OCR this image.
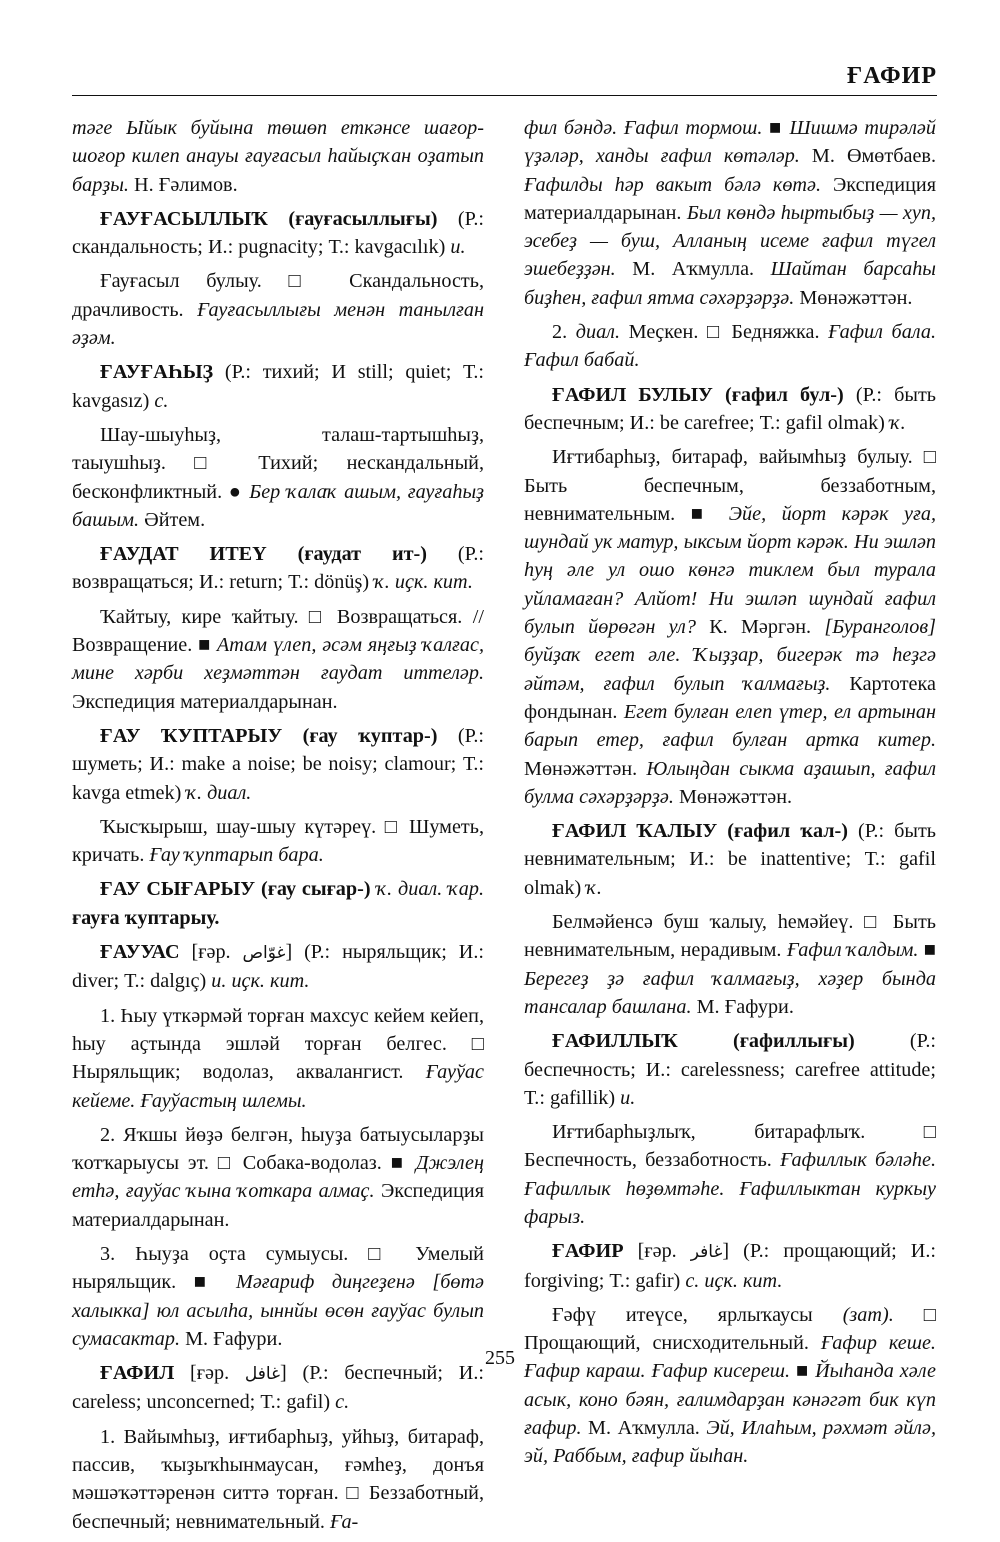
ҒАФИР

тәге Ыйык буйына төшөп еткәнсе шағор-шоғор килеп анауы ғауғасыл һайыҫҡан оҙатып барҙы. Н. Ғәлимов.

ҒАУҒАСЫЛЛЫҠ (ғауғасыллығы) (Р.: скандальность; И.: pugnacity; Т.: kavgacılık) и.

Ғауғасыл булыу. □ Скандальность, драчливость. Ғауғасыллығы менән танылған әҙәм.

ҒАУҒАҺЫҘ (Р.: тихий; И still; quiet; Т.: kavgasız) с.

Шау-шыуһыҙ, талаш-тартышһыҙ, таыушһыҙ. □ Тихий; нескандальный, бесконфликтный. ● Бер ҡалаҡ ашым, ғауғаһыҙ башым. Әйтем.

ҒАУДАТ ИТЕҮ (ғаудат ит-) (Р.: возвращаться; И.: return; Т.: dönüş) ҡ. иҫк. кит.

Ҡайтыу, кире ҡайтыу. □ Возвращаться. // Возвращение. ■ Атам үлеп, әсәм яңғыҙ ҡалғас, мине хәрби хеҙмәттән ғаудат иттеләр. Экспедиция материалдарынан.

ҒАУ ҠУПТАРЫУ (ғау ҡуптар-) (Р.: шуметь; И.: make a noise; be noisy; clamour; Т.: kavga etmek) ҡ. диал.

Ҡысҡырыш, шау-шыу күтәреү. □ Шуметь, кричать. Ғау ҡуптарып бара.

ҒАУ СЫҒАРЫУ (ғау сығар-) ҡ. диал. ҡар. ғауға ҡуптарыу.

ҒАУУАС [ғәр. غوّاص] (Р.: ныряльщик; И.: diver; Т.: dalgıç) и. иҫк. кит.

1. Һыу үткәрмәй торған махсус кейем кейеп, һыу аҫтында эшләй торған белгес. □ Ныряльщик; водолаз, аквалангист. Ғауўас кейеме. Ғауўастың шлемы.

2. Яҡшы йөҙә белгән, һыуҙа батыусыларҙы ҡотҡарыусы эт. □ Собака-водолаз. ■ Джэлең етһә, ғауўас ҡына ҡоткара алмаҫ. Экспедиция материалдарынан.

3. Һыуҙа оҫта сумыусы. □ Умелый ныряльщик. ■ Мәғариф диңгеҙенә [бөтә халыкка] юл асылһа, ыннйы өсөн ғауўас булып сумасактар. М. Ғафури.

ҒАФИЛ [ғәр. غافل] (Р.: беспечный; И.: careless; unconcerned; Т.: gafil) с.

1. Вайымһыҙ, иғтибарһыҙ, уйһыҙ, битараф, пассив, ҡыҙыҡһынмаусан, ғәмһеҙ, донъя мәшәҡәттәренән ситтә торған. □ Беззаботный, беспечный; невнимательный. Ға-

фил бәндә. Ғафил тормош. ■ Шишмә тирәләй үҙәләр, ханды ғафил көтәләр. М. Өмөтбаев. Ғафилды һәр вакыт бәлә көтә. Экспедиция материалдарынан. Был көндә һыртыбыҙ — хуп, эсебеҙ — буш, Алланың исеме ғафил түгел эшебеҙҙән. М. Аҡмулла. Шайтан барсаһы биҙһен, ғафил ятма сәхәрҙәрҙә. Мөнәжәттән.

2. диал. Меҫкен. □ Бедняжка. Ғафил бала. Ғафил бабай.

ҒАФИЛ БУЛЫУ (ғафил бул-) (Р.: быть беспечным; И.: be carefree; Т.: gafil olmak) ҡ.

Иғтибарһыҙ, битараф, вайымһыҙ булыу. □ Быть беспечным, беззаботным, невнимательным. ■ Эйе, йорт кәрәк уға, шундай ук матур, ыксым йорт кәрәк. Ни эшләп һуң әле ул ошо көнгә тиклем был турала уйламаған? Алйот! Ни эшләп шундай ғафил булып йөрөгән ул? К. Мәргән. [Буранголов] буйҙаҡ егет әле. Ҡыҙҙар, бигерәк тә һеҙгә әйтәм, ғафил булып ҡалмағыҙ. Картотека фондынан. Егет булған елеп үтер, ел артынан барып етер, ғафил булған артка китер. Мөнәжәттән. Юлыңдан сыкма аҙашып, ғафил булма сәхәрҙәрҙә. Мөнәжәттән.

ҒАФИЛ ҠАЛЫУ (ғафил ҡал-) (Р.: быть невнимательным; И.: be inattentive; Т.: gafil olmak) ҡ.

Белмәйенсә буш ҡалыу, һемәйеү. □ Быть невнимательным, нерадивым. Ғафил ҡалдым. ■ Берегеҙ ҙә ғафил ҡалмағыҙ, хәҙер бында тансалар башлана. М. Ғафури.

ҒАФИЛЛЫҠ (ғафиллығы) (Р.: беспечность; И.: carelessness; carefree attitude; Т.: gafillik) и.

Иғтибарһыҙлыҡ, битарафлыҡ. □ Беспечность, беззаботность. Ғафиллык бәләһе. Ғафиллык һөҙөмтәһе. Ғафиллыктан куркыу фарыз.

ҒАФИР [ғәр. غافر] (Р.: прощающий; И.: forgiving; Т.: gafir) с. иҫк. кит.

Ғәфү итеүсе, ярлыҡаусы (зат). □ Прощающий, снисходительный. Ғафир кеше. Ғафир караш. Ғафир кисереш. ■ Йыһанда хәле асык, коно бәян, ғалимдарҙан кәнәгәт бик күп ғафир. М. Аҡмулла. Эй, Илаһым, рәхмәт әйлә, эй, Раббым, ғафир йыһан.

255
